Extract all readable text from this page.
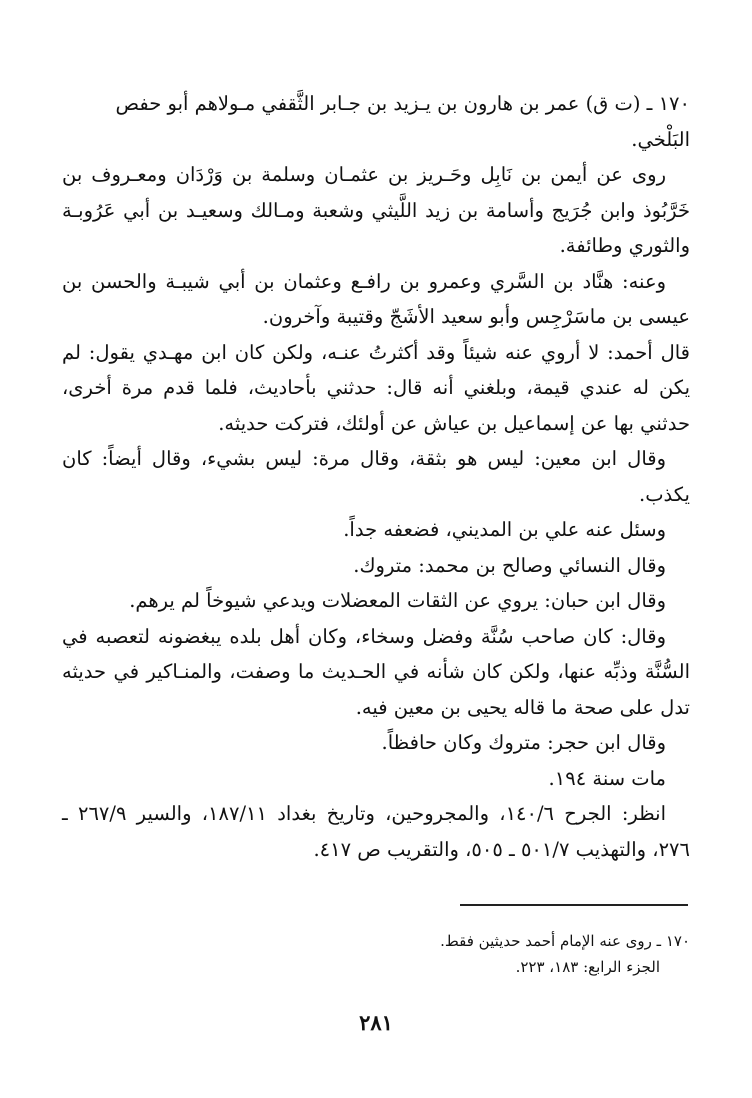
١٧٠ ـ (ت ق) عمر بن هارون بن يـزيد بن جـابر الثَّقفي مـولاهم أبو حفص

البَلْخي.

روى عن أيمن بن نَابِل وحَـريز بن عثمـان وسلمة بن وَرْدَان ومعـروف بن خَرَّبُوذ وابن جُرَيج وأسامة بن زيد اللَّيثي وشعبة ومـالك وسعيـد بن أبي عَرُوبـة والثوري وطائفة.

وعنه: هنَّاد بن السَّري وعمرو بن رافـع وعثمان بن أبي شيبـة والحسن بن عيسى بن ماسَرْجِس وأبو سعيد الأشَجّ وقتيبة وآخرون.

قال أحمد: لا أروي عنه شيئاً وقد أكثرتُ عنـه، ولكن كان ابن مهـدي يقول: لم يكن له عندي قيمة، وبلغني أنه قال: حدثني بأحاديث، فلما قدم مرة أخرى، حدثني بها عن إسماعيل بن عياش عن أولئك، فتركت حديثه.

وقال ابن معين: ليس هو بثقة، وقال مرة: ليس بشيء، وقال أيضاً: كان يكذب.

وسئل عنه علي بن المديني، فضعفه جداً.

وقال النسائي وصالح بن محمد: متروك.

وقال ابن حبان: يروي عن الثقات المعضلات ويدعي شيوخاً لم يرهم.

وقال: كان صاحب سُنَّة وفضل وسخاء، وكان أهل بلده يبغضونه لتعصبه في السُّنَّة وذبِّه عنها، ولكن كان شأنه في الحـديث ما وصفت، والمنـاكير في حديثه تدل على صحة ما قاله يحيى بن معين فيه.

وقال ابن حجر: متروك وكان حافظاً.

مات سنة ١٩٤.

انظر: الجرح ١٤٠/٦، والمجروحين، وتاريخ بغداد ١٨٧/١١، والسير ٢٦٧/٩ ـ ٢٧٦، والتهذيب ٥٠١/٧ ـ ٥٠٥، والتقريب ص ٤١٧.

١٧٠ ـ روى عنه الإمام أحمد حديثين فقط.

الجزء الرابع: ١٨٣، ٢٢٣.

٢٨١
